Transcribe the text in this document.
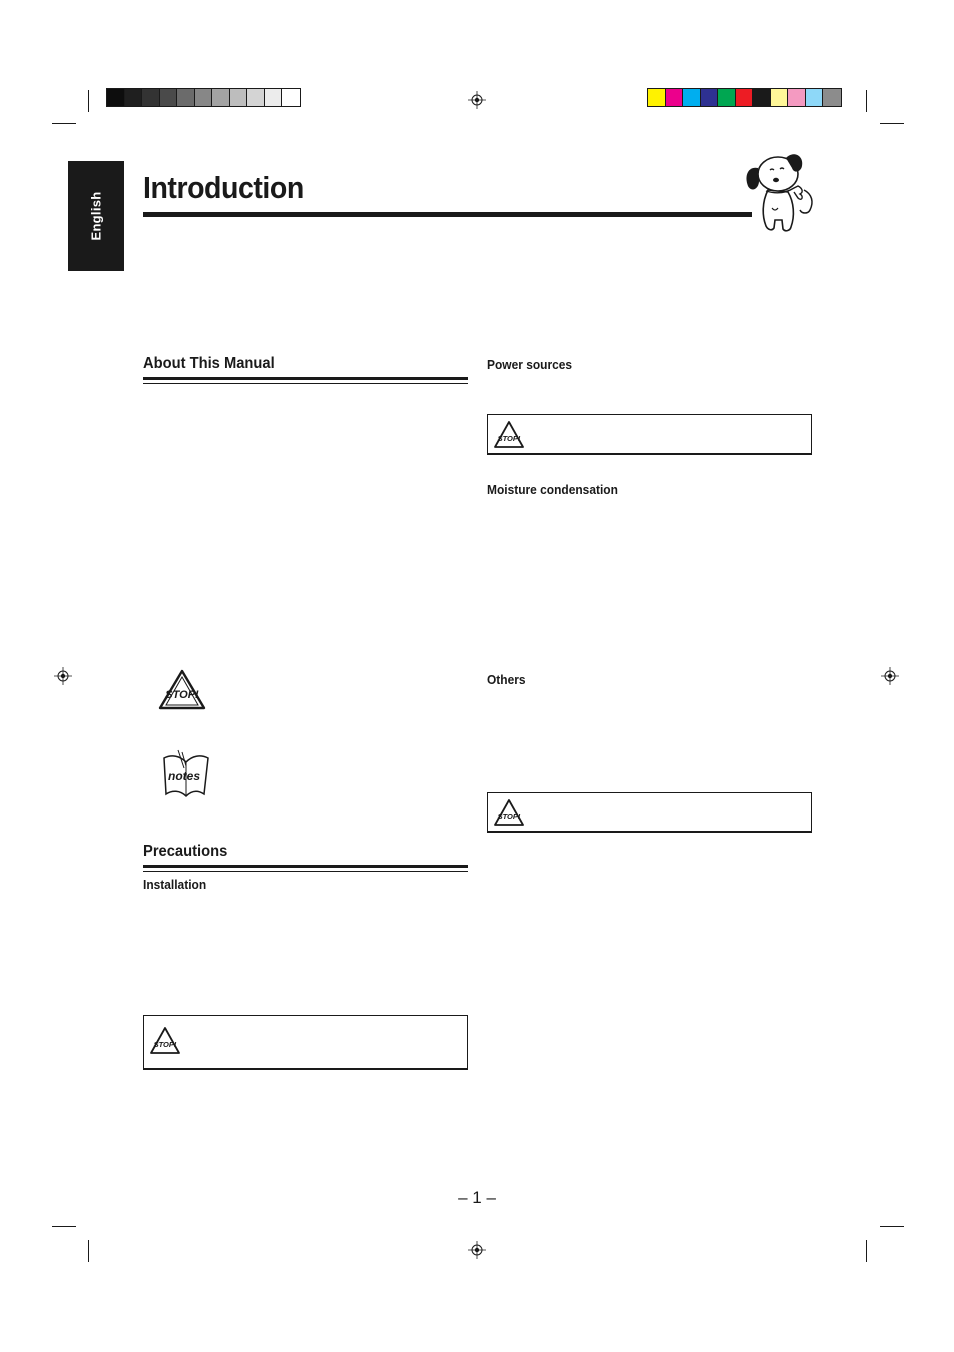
English
Introduction
About This Manual
STOP!
notes
Precautions
Installation
STOP!
Power sources
STOP!
Moisture condensation
Others
STOP!
– 1 –
